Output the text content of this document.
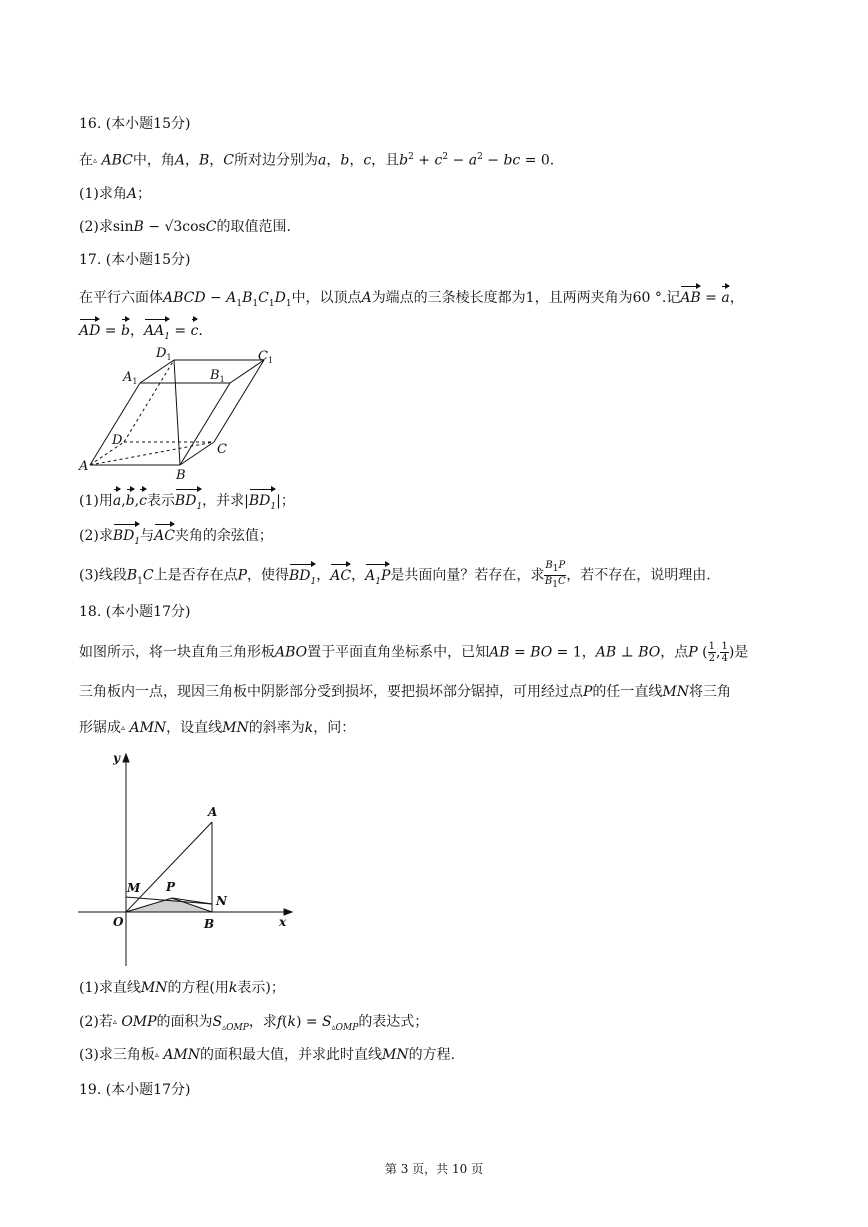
16. (本小题15分)
在▵ ABC中，角A，B，C所对边分别为a，b，c，且$b^2 + c^2 - a^2$ − bc = 0.
(1)求角A；
(2)求sinB − √3cosC的取值范围.
17. (本小题15分)
在平行六面体ABCD − $A_1B_1C_1D_1$中，以顶点A为端点的三条棱长度都为1，且两两夹角为60 °.记AB = a，
AD = b，$AA_1 = c$.
A
B
C
D
$A_1$	$B_1$
$C_1$
$D_1$
(1)用a,b,c表示$BD_1$，并求$|BD_1|$；
(2)求$BD_1$与AC夹角的余弦值；
(3)线段$B_1C$上是否存在点P，使得$BD_1$，AC，$A_1P$是共面向量？若存在，求 $\frac{B_1P}{B_1C}$ ，若不存在，说明理由.
18. (本小题17分)
如图所示，将一块直角三角形板ABO置于平面直角坐标系中，已知AB = BO = 1，AB ⊥ BO，点P ( $\frac{1}{2}$ , $\frac{1}{4}$ )是
三角板内一点，现因三角板中阴影部分受到损坏，要把损坏部分锯掉，可用经过点P的任一直线MN将三角
形锯成▵ AMN，设直线MN的斜率为k，问：
y
x
O
A
B
M
N
P
(1)求直线MN的方程(用k表示)；
(2)若▵ OMP的面积为$S_{▵OMP}$，求$f(k) = S_{▵OMP}$的表达式；
(3)求三角板▵ AMN的面积最大值，并求此时直线MN的方程.
19. (本小题17分)
第 3 页，共 10 页
